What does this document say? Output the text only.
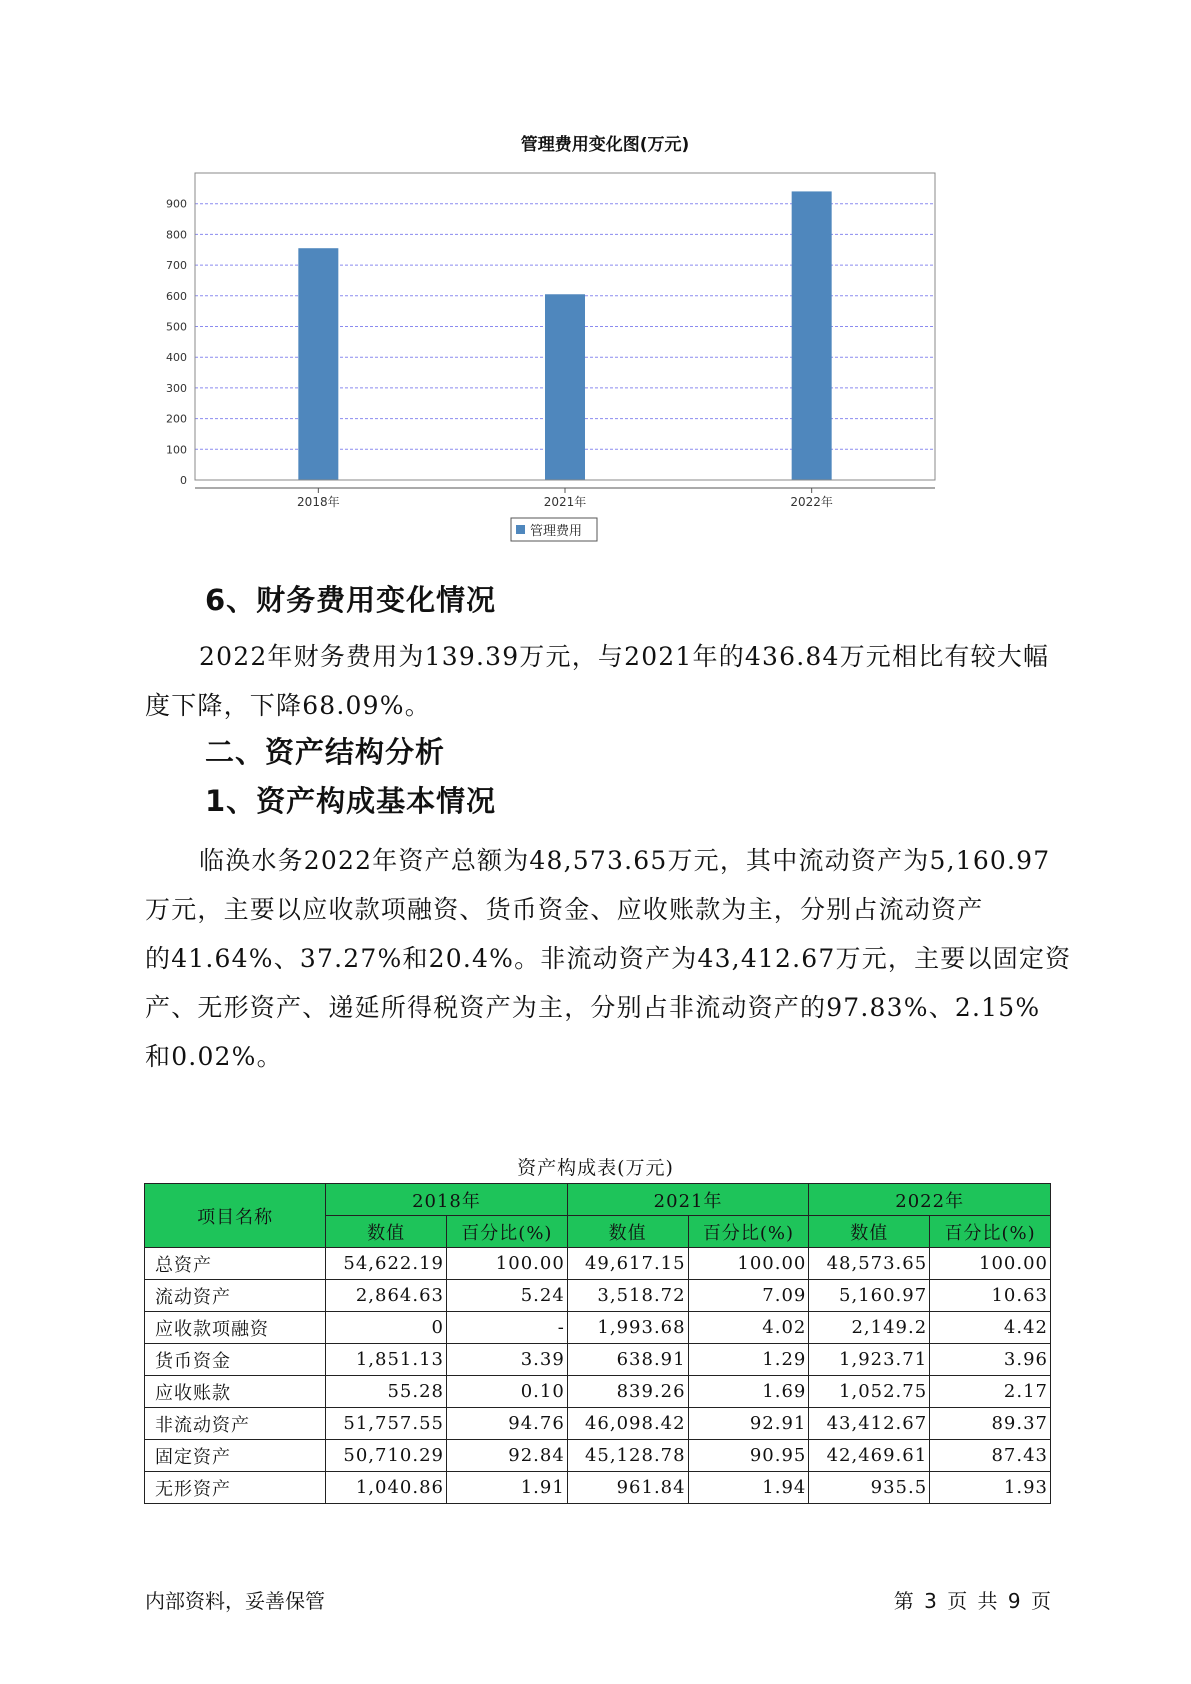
管理费用变化图(万元)
0
100
200
300
400
500
600
700
800
900
2018年	2021年	2022年
管理费用
6、财务费用变化情况
2022年财务费用为139.39万元，与2021年的436.84万元相比有较大幅
度下降，下降68.09%。
二、资产结构分析
1、资产构成基本情况
临涣水务2022年资产总额为48,573.65万元，其中流动资产为5,160.97
万元，主要以应收款项融资、货币资金、应收账款为主，分别占流动资产
的41.64%、37.27%和20.4%。非流动资产为43,412.67万元，主要以固定资
产、无形资产、递延所得税资产为主，分别占非流动资产的97.83%、2.15%
和0.02%。
资产构成表(万元)
项目名称	2018年		2021年		2022年	
	数值	百分比(%)	数值	百分比(%)	数值	百分比(%)
总资产	54,622.19	100.00	49,617.15	100.00	48,573.65	100.00
流动资产	2,864.63	5.24	3,518.72	7.09	5,160.97	10.63
应收款项融资	0	-	1,993.68	4.02	2,149.2	4.42
货币资金	1,851.13	3.39	638.91	1.29	1,923.71	3.96
应收账款	55.28	0.10	839.26	1.69	1,052.75	2.17
非流动资产	51,757.55	94.76	46,098.42	92.91	43,412.67	89.37
固定资产	50,710.29	92.84	45,128.78	90.95	42,469.61	87.43
无形资产	1,040.86	1.91	961.84	1.94	935.5	1.93
内部资料，妥善保管	第 3 页 共 9 页
